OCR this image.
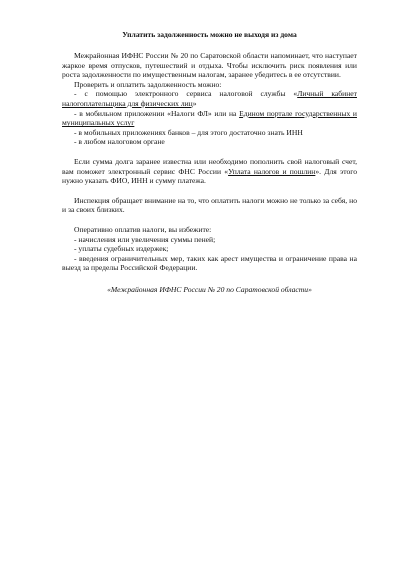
Уплатить задолженность можно не выходя из дома

Межрайонная ИФНС России № 20 по Саратовской области напоминает, что наступает жаркое время отпусков, путешествий и отдыха. Чтобы исключить риск появления или роста задолженности по имущественным налогам, заранее убедитесь в ее отсутствии.

Проверить и оплатить задолженность можно:

- с помощью электронного сервиса налоговой службы «Личный кабинет налогоплательщика для физических лиц»

- в мобильном приложении «Налоги ФЛ» или на Едином портале государственных и муниципальных услуг

- в мобильных приложениях банков – для этого достаточно знать ИНН

- в любом налоговом органе

Если сумма долга заранее известна или необходимо пополнить свой налоговый счет, вам поможет электронный сервис ФНС России «Уплата налогов и пошлин». Для этого нужно указать ФИО, ИНН и сумму платежа.

Инспекция обращает внимание на то, что оплатить налоги можно не только за себя, но и за своих близких.

Оперативно оплатив налоги, вы избежите:

- начисления или увеличения суммы пеней;

- уплаты судебных издержек;

- введения ограничительных мер, таких как арест имущества и ограничение права на выезд за пределы Российской Федерации.

«Межрайонная ИФНС России № 20 по Саратовской области»
